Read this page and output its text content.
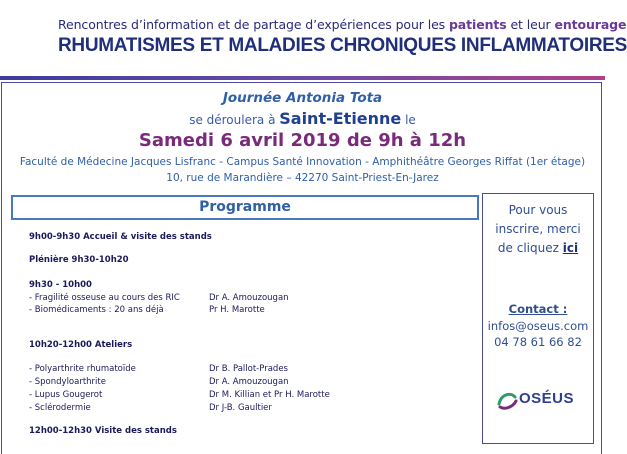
Rencontres d’information et de partage d’expériences pour les patients et leur entourage
RHUMATISMES ET MALADIES CHRONIQUES INFLAMMATOIRES
Journée Antonia Tota
se déroulera à Saint-Etienne le
Samedi 6 avril 2019 de 9h à 12h
Faculté de Médecine Jacques Lisfranc - Campus Santé Innovation - Amphithéâtre Georges Riffat (1er étage)
10, rue de Marandière – 42270 Saint-Priest-En-Jarez
Programme
9h00-9h30 Accueil & visite des stands
Plénière 9h30-10h20
9h30 - 10h00
- Fragilité osseuse au cours des RIC	Dr A. Amouzougan
- Biomédicaments : 20 ans déjà	Pr H. Marotte
10h20-12h00 Ateliers
- Polyarthrite rhumatoïde	Dr B. Pallot-Prades
- Spondyloarthrite	Dr A. Amouzougan
- Lupus Gougerot	Dr M. Killian et Pr H. Marotte
- Sclérodermie	Dr J-B. Gaultier
12h00-12h30 Visite des stands
Pour vous
inscrire, merci
de cliquez ici
Contact :
infos@oseus.com
04 78 61 66 82
OSÉUS
